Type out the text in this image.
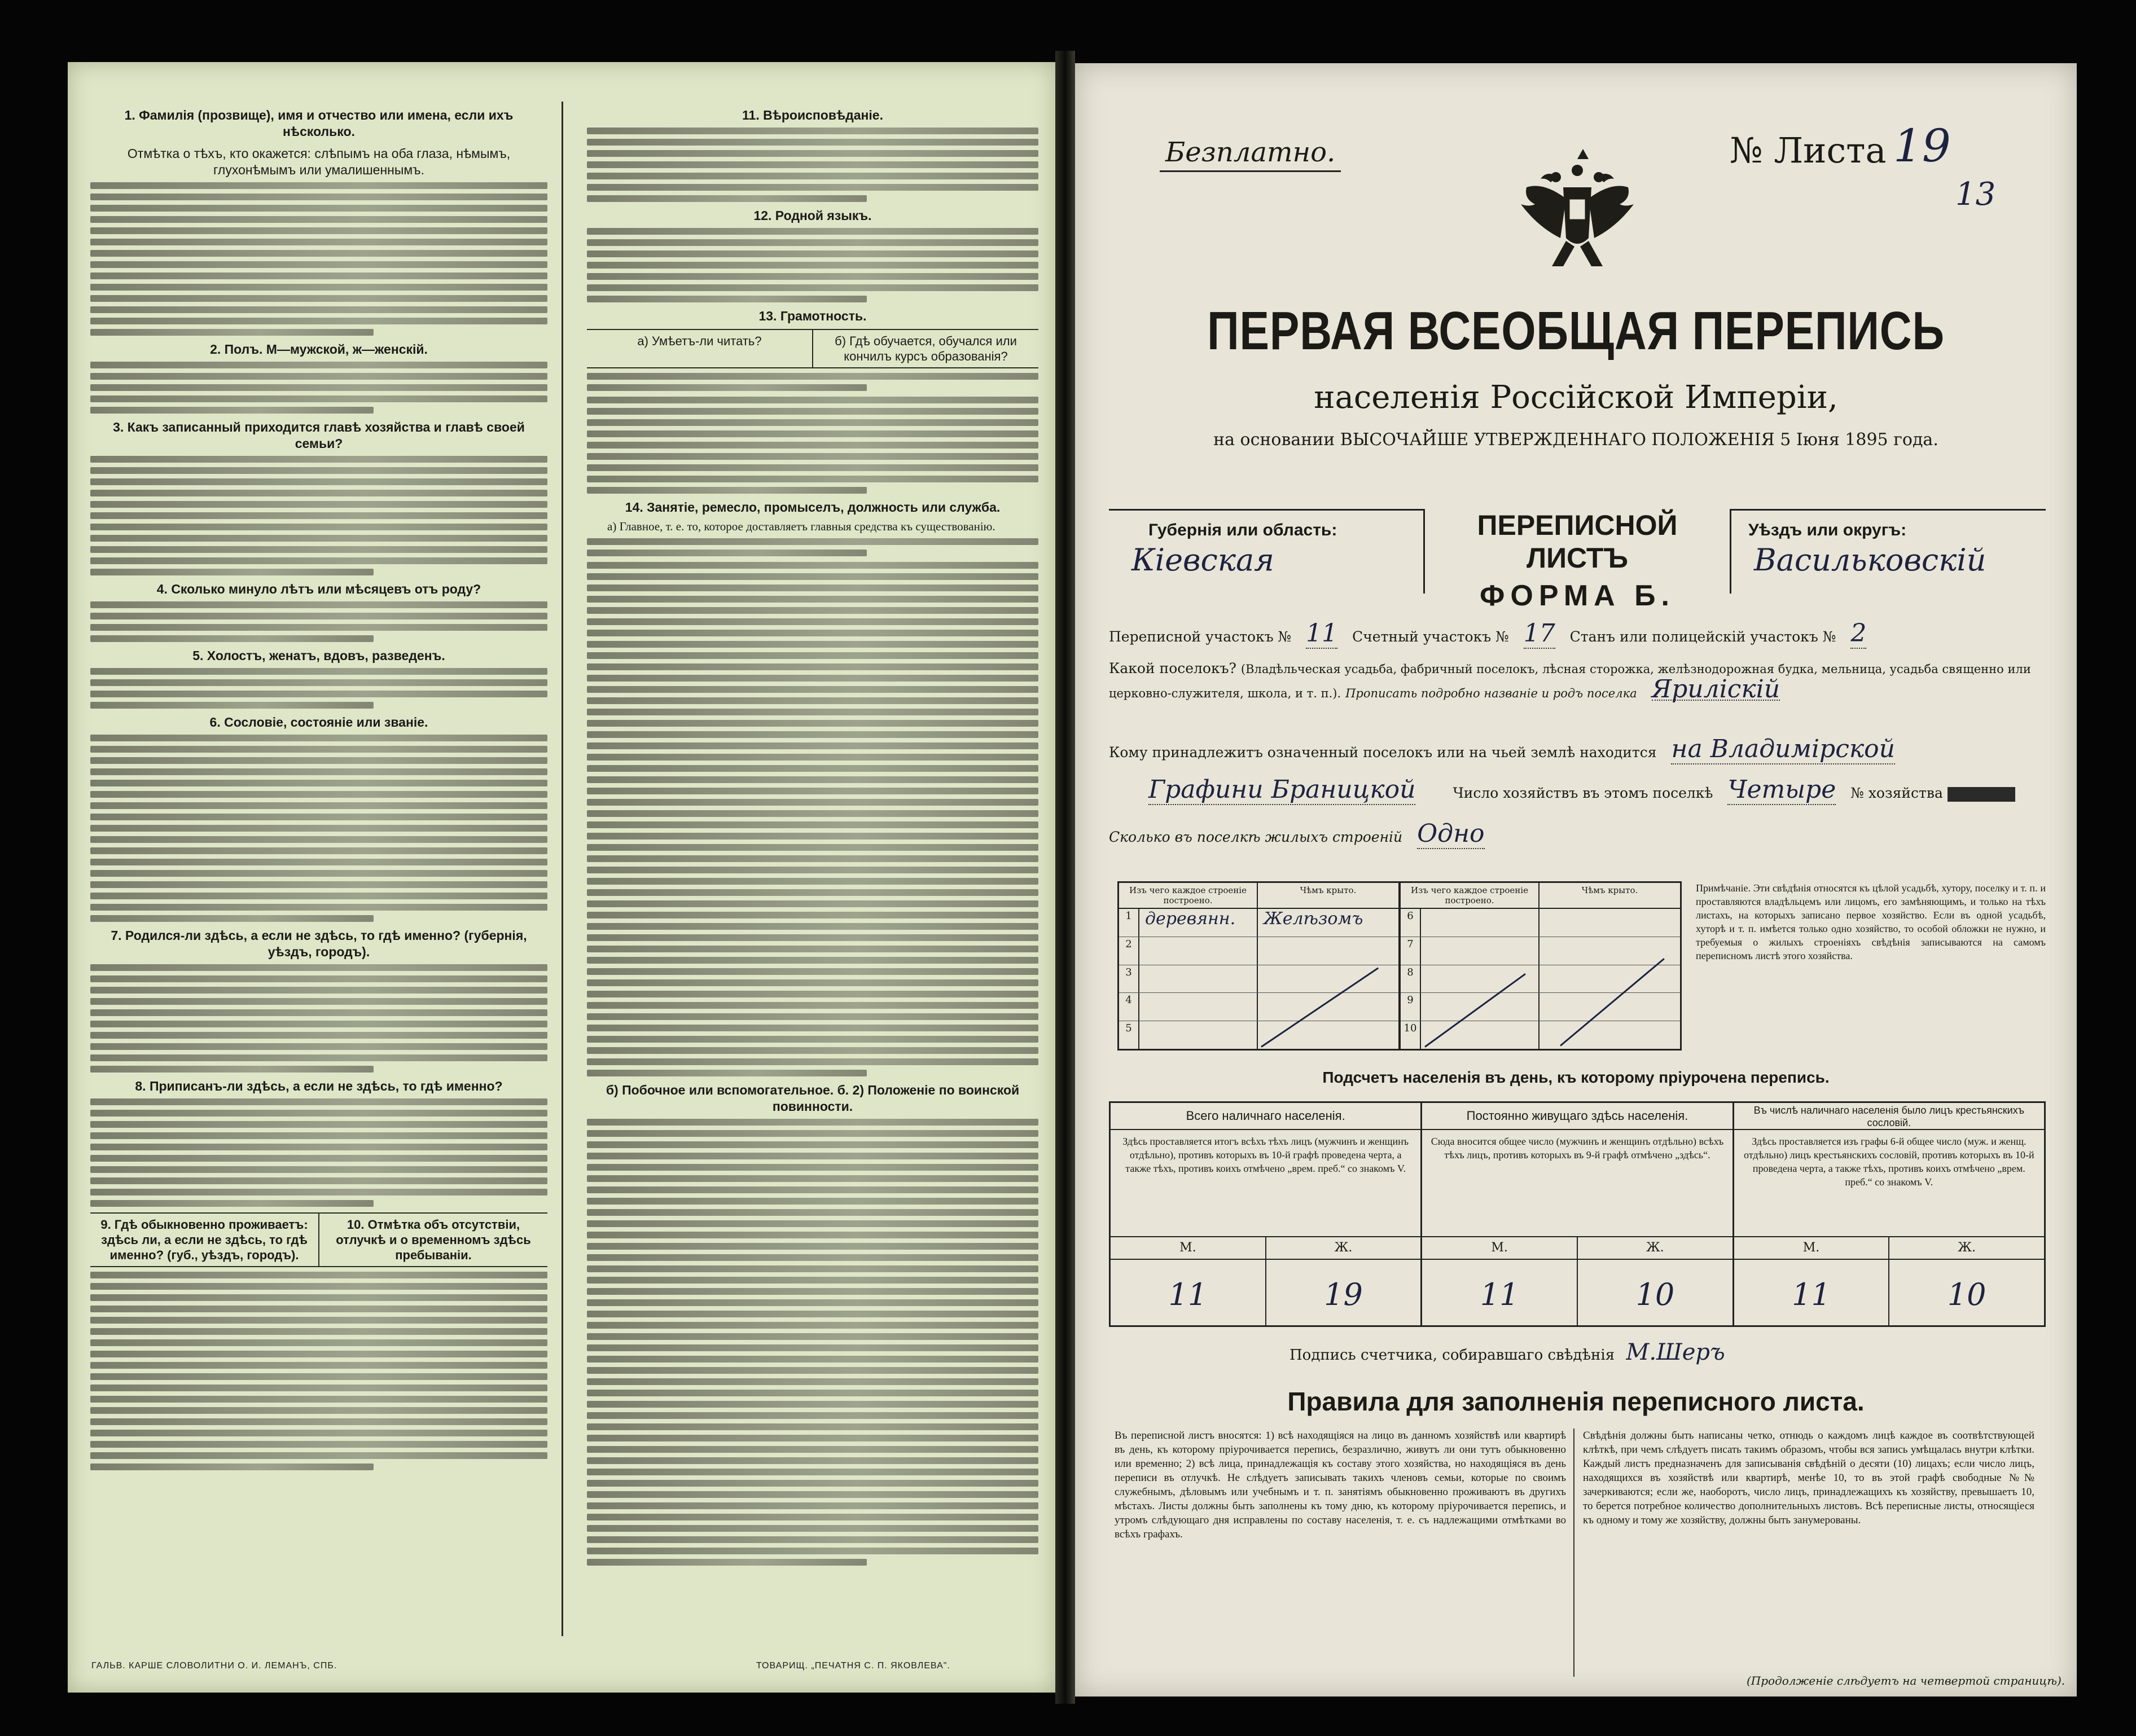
1. Фамилія (прозвище), имя и отчество или имена, если ихъ нѣсколько.
Отмѣтка о тѣхъ, кто окажется: слѣпымъ на оба глаза, нѣмымъ, глухонѣмымъ или умалишеннымъ.
2. Полъ. М—мужской, ж—женскій.
3. Какъ записанный приходится главѣ хозяйства и главѣ своей семьи?
4. Сколько минуло лѣтъ или мѣсяцевъ отъ роду?
5. Холостъ, женатъ, вдовъ, разведенъ.
6. Сословіе, состояніе или званіе.
7. Родился-ли здѣсь, а если не здѣсь, то гдѣ именно? (губернія, уѣздъ, городъ).
8. Приписанъ-ли здѣсь, а если не здѣсь, то гдѣ именно?
9. Гдѣ обыкновенно проживаетъ: здѣсь ли, а если не здѣсь, то гдѣ именно? (губ., уѣздъ, городъ).
10. Отмѣтка объ отсутствіи, отлучкѣ и о временномъ здѣсь пребываніи.
11. Вѣроисповѣданіе.
12. Родной языкъ.
13. Грамотность.
а) Умѣетъ-ли читать?	б) Гдѣ обучается, обучался или кончилъ курсъ образованія?
14. Занятіе, ремесло, промыселъ, должность или служба.
а) Главное, т. е. то, которое доставляетъ главныя средства къ существованію.
б) Побочное или вспомогательное. б. 2) Положеніе по воинской повинности.
ГАЛЬВ. КАРШЕ СЛОВОЛИТНИ О. И. ЛЕМАНЪ, СПБ.	ТОВАРИЩ. „ПЕЧАТНЯ С. П. ЯКОВЛЕВА".
Безплатно.	№ Листа 19
13
ПЕРВАЯ ВСЕОБЩАЯ ПЕРЕПИСЬ
населенія Россійской Имперіи,
на основании ВЫСОЧАЙШЕ УТВЕРЖДЕННАГО ПОЛОЖЕНІЯ 5 Іюня 1895 года.
Губернія или область:
Кіевская
ПЕРЕПИСНОЙ ЛИСТЪ
ФОРМА Б.
Уѣздъ или округъ:
Васильковскій
Переписной участокъ № 11 Счетный участокъ № 17 Станъ или полицейскій участокъ № 2
Какой поселокъ? (Владѣльческая усадьба, фабричный поселокъ, лѣсная сторожка, желѣзнодорожная будка, мельница, усадьба священно или церковно-служителя, школа, и т. п.). Прописать подробно названіе и родъ поселка Яриліскій
Кому принадлежитъ означенный поселокъ или на чьей землѣ находится на Владимірской
Графини Браницкой	Число хозяйствъ въ этомъ поселкѣ Четыре № хозяйства
Сколько въ поселкѣ жилыхъ строеній Одно
Изъ чего каждое строеніе построено.
Чѣмъ крыто.
1 деревянн.	Желѣзомъ
2
3
4
5
Изъ чего каждое строеніе построено.
Чѣмъ крыто.
6
7
8
9
10
Примѣчаніе. Эти свѣдѣнія относятся къ цѣлой усадьбѣ, хутору, поселку и т. п. и проставляются владѣльцемъ или лицомъ, его замѣняющимъ, и только на тѣхъ листахъ, на которыхъ записано первое хозяйство. Если въ одной усадьбѣ, хуторѣ и т. п. имѣется только одно хозяйство, то особой обложки не нужно, и требуемыя о жилыхъ строеніяхъ свѣдѣнія записываются на самомъ переписномъ листѣ этого хозяйства.
Подсчетъ населенія въ день, къ которому пріурочена перепись.
Всего наличнаго населенія.
Здѣсь проставляется итогъ всѣхъ тѣхъ лицъ (мужчинъ и женщинъ отдѣльно), противъ которыхъ въ 10-й графѣ проведена черта, а также тѣхъ, противъ коихъ отмѣчено „врем. преб.“ со знакомъ V.
М.	Ж.
11	19
Постоянно живущаго здѣсь населенія.
Сюда вносится общее число (мужчинъ и женщинъ отдѣльно) всѣхъ тѣхъ лицъ, противъ которыхъ въ 9-й графѣ отмѣчено „здѣсь“.
М.	Ж.
11	10
Въ числѣ наличнаго населенія было лицъ крестьянскихъ сословій.
Здѣсь проставляется изъ графы 6-й общее число (муж. и женщ. отдѣльно) лицъ крестьянскихъ сословій, противъ которыхъ въ 10-й проведена черта, а также тѣхъ, противъ коихъ отмѣчено „врем. преб.“ со знакомъ V.
М.	Ж.
11	10
Подпись счетчика, собиравшаго свѣдѣнія М.Шеръ
Правила для заполненія переписного листа.
Въ переписной листъ вносятся: 1) всѣ находящіяся на лицо въ данномъ хозяйствѣ или квартирѣ въ день, къ которому пріурочивается перепись, безразлично, живутъ ли они тутъ обыкновенно или временно; 2) всѣ лица, принадлежащія къ составу этого хозяйства, но находящіяся въ день переписи въ отлучкѣ. Не слѣдуетъ записывать такихъ членовъ семьи, которые по своимъ служебнымъ, дѣловымъ или учебнымъ и т. п. занятіямъ обыкновенно проживаютъ въ другихъ мѣстахъ. Листы должны быть заполнены къ тому дню, къ которому пріурочивается перепись, и утромъ слѣдующаго дня исправлены по составу населенія, т. е. съ надлежащими отмѣтками во всѣхъ графахъ.
Свѣдѣнія должны быть написаны четко, отнюдь о каждомъ лицѣ каждое въ соотвѣтствующей клѣткѣ, при чемъ слѣдуетъ писать такимъ образомъ, чтобы вся запись умѣщалась внутри клѣтки. Каждый листъ предназначенъ для записыванія свѣдѣній о десяти (10) лицахъ; если число лицъ, находящихся въ хозяйствѣ или квартирѣ, менѣе 10, то въ этой графѣ свободные №№ зачеркиваются; если же, наоборотъ, число лицъ, принадлежащихъ къ хозяйству, превышаетъ 10, то берется потребное количество дополнительныхъ листовъ. Всѣ переписные листы, относящіеся къ одному и тому же хозяйству, должны быть занумерованы.
(Продолженіе слѣдуетъ на четвертой страницѣ).
